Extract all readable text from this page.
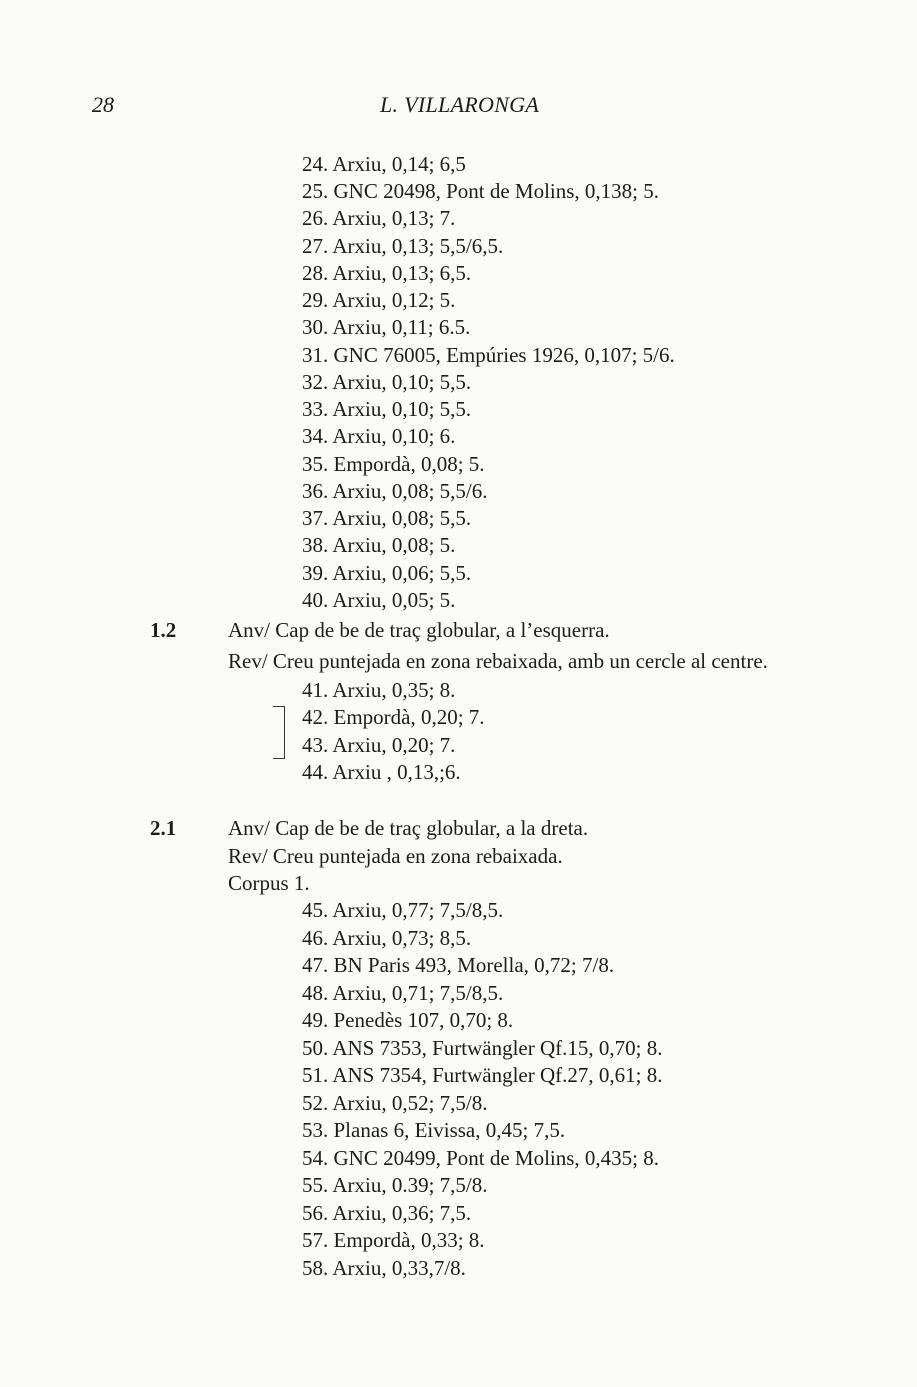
28	L. VILLARONGA
24. Arxiu, 0,14; 6,5
25. GNC 20498, Pont de Molins, 0,138; 5.
26. Arxiu, 0,13; 7.
27. Arxiu, 0,13; 5,5/6,5.
28. Arxiu, 0,13; 6,5.
29. Arxiu, 0,12; 5.
30. Arxiu, 0,11; 6.5.
31. GNC 76005, Empúries 1926, 0,107; 5/6.
32. Arxiu, 0,10; 5,5.
33. Arxiu, 0,10; 5,5.
34. Arxiu, 0,10; 6.
35. Empordà, 0,08; 5.
36. Arxiu, 0,08; 5,5/6.
37. Arxiu, 0,08; 5,5.
38. Arxiu, 0,08; 5.
39. Arxiu, 0,06; 5,5.
40. Arxiu, 0,05; 5.
1.2 Anv/ Cap de be de traç globular, a l’esquerra.
Rev/ Creu puntejada en zona rebaixada, amb un cercle al centre.
41. Arxiu, 0,35; 8.
42. Empordà, 0,20; 7.
43. Arxiu, 0,20; 7.
44. Arxiu , 0,13,;6.
2.1 Anv/ Cap de be de traç globular, a la dreta.
Rev/ Creu puntejada en zona rebaixada.
Corpus 1.
45. Arxiu, 0,77; 7,5/8,5.
46. Arxiu, 0,73; 8,5.
47. BN Paris 493, Morella, 0,72; 7/8.
48. Arxiu, 0,71; 7,5/8,5.
49. Penedès 107, 0,70; 8.
50. ANS 7353, Furtwängler Qf.15, 0,70; 8.
51. ANS 7354, Furtwängler Qf.27, 0,61; 8.
52. Arxiu, 0,52; 7,5/8.
53. Planas 6, Eivissa, 0,45; 7,5.
54. GNC 20499, Pont de Molins, 0,435; 8.
55. Arxiu, 0.39; 7,5/8.
56. Arxiu, 0,36; 7,5.
57. Empordà, 0,33; 8.
58. Arxiu, 0,33,7/8.
